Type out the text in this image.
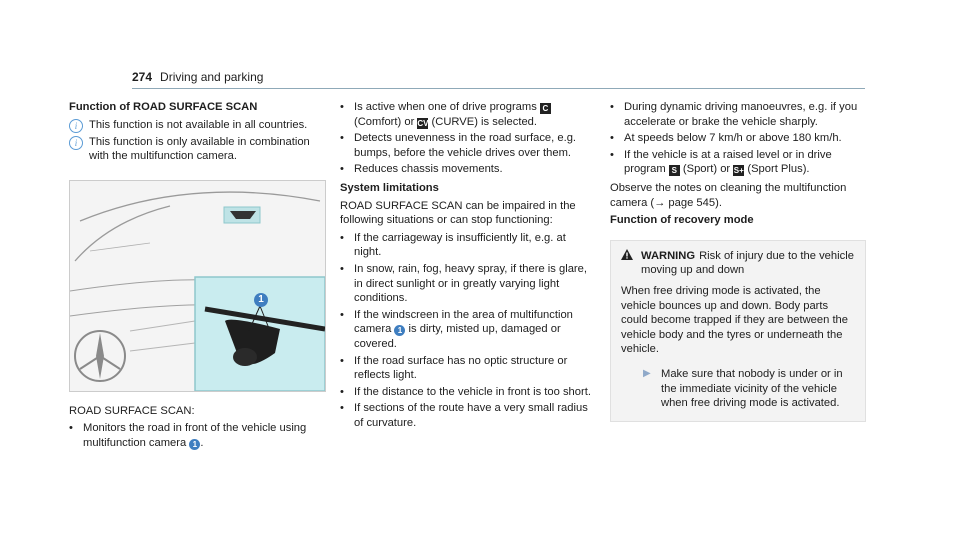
274 Driving and parking
Function of ROAD SURFACE SCAN
i	This function is not available in all countries.
i	This function is only available in combination with the multifunction camera.
1

ROAD SURFACE SCAN:

• Monitors the road in front of the vehicle using multifunction camera 1 .
• Is active when one of drive programs C
(Comfort) or CV (CURVE) is selected.
• Detects unevenness in the road surface, e.g. bumps, before the vehicle drives over them.
• Reduces chassis movements.
System limitations

ROAD SURFACE SCAN can be impaired in the following situations or can stop functioning:

• If the carriageway is insufficiently lit, e.g. at night.
• In snow, rain, fog, heavy spray, if there is glare, in direct sunlight or in greatly varying light conditions.
• If the windscreen in the area of multifunction camera 1 is dirty, misted up, damaged or covered.
• If the road surface has no optic structure or reflects light.
• If the distance to the vehicle in front is too short.
• If sections of the route have a very small radius of curvature.
• During dynamic driving manoeuvres, e.g. if you accelerate or brake the vehicle sharply.
• At speeds below 7 km/h or above 180 km/h.
• If the vehicle is at a raised level or in drive program S (Sport) or S+ (Sport Plus).

Observe the notes on cleaning the multifunction camera (→ page 545).

Function of recovery mode
WARNING Risk of injury due to the vehicle moving up and down

When free driving mode is activated, the vehicle bounces up and down. Body parts could become trapped if they are between the vehicle body and the tyres or underneath the vehicle.

▶ Make sure that nobody is under or in the immediate vicinity of the vehicle when free driving mode is activated.
